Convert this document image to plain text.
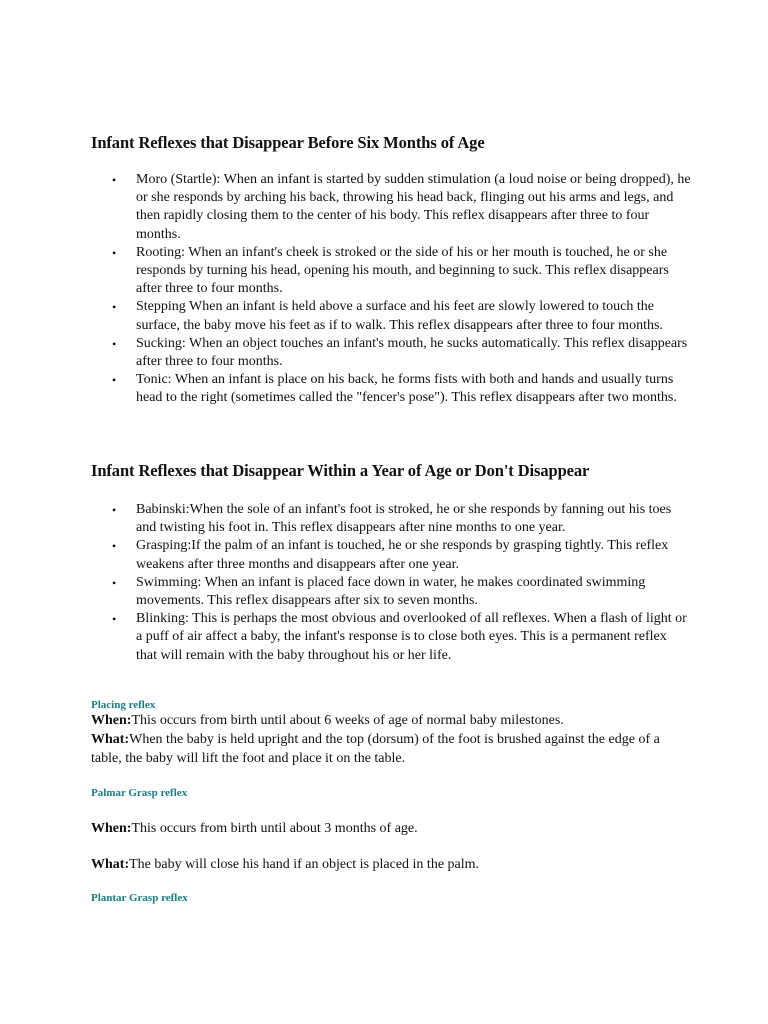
Infant Reflexes that Disappear Before Six Months of Age
• Moro (Startle): When an infant is started by sudden stimulation (a loud noise or being dropped), he or she responds by arching his back, throwing his head back, flinging out his arms and legs, and then rapidly closing them to the center of his body. This reflex disappears after three to four months.
• Rooting: When an infant's cheek is stroked or the side of his or her mouth is touched, he or she responds by turning his head, opening his mouth, and beginning to suck. This reflex disappears after three to four months.
• Stepping When an infant is held above a surface and his feet are slowly lowered to touch the surface, the baby move his feet as if to walk. This reflex disappears after three to four months.
• Sucking: When an object touches an infant's mouth, he sucks automatically. This reflex disappears after three to four months.
• Tonic: When an infant is place on his back, he forms fists with both and hands and usually turns head to the right (sometimes called the "fencer's pose"). This reflex disappears after two months.
Infant Reflexes that Disappear Within a Year of Age or Don't Disappear
• Babinski:When the sole of an infant's foot is stroked, he or she responds by fanning out his toes and twisting his foot in. This reflex disappears after nine months to one year.
• Grasping:If the palm of an infant is touched, he or she responds by grasping tightly. This reflex weakens after three months and disappears after one year.
• Swimming: When an infant is placed face down in water, he makes coordinated swimming movements. This reflex disappears after six to seven months.
• Blinking: This is perhaps the most obvious and overlooked of all reflexes. When a flash of light or a puff of air affect a baby, the infant's response is to close both eyes. This is a permanent reflex that will remain with the baby throughout his or her life.

Placing reflex

When:This occurs from birth until about 6 weeks of age of normal baby milestones.

What:When the baby is held upright and the top (dorsum) of the foot is brushed against the edge of a table, the baby will lift the foot and place it on the table.

Palmar Grasp reflex

When:This occurs from birth until about 3 months of age.

What:The baby will close his hand if an object is placed in the palm.

Plantar Grasp reflex
